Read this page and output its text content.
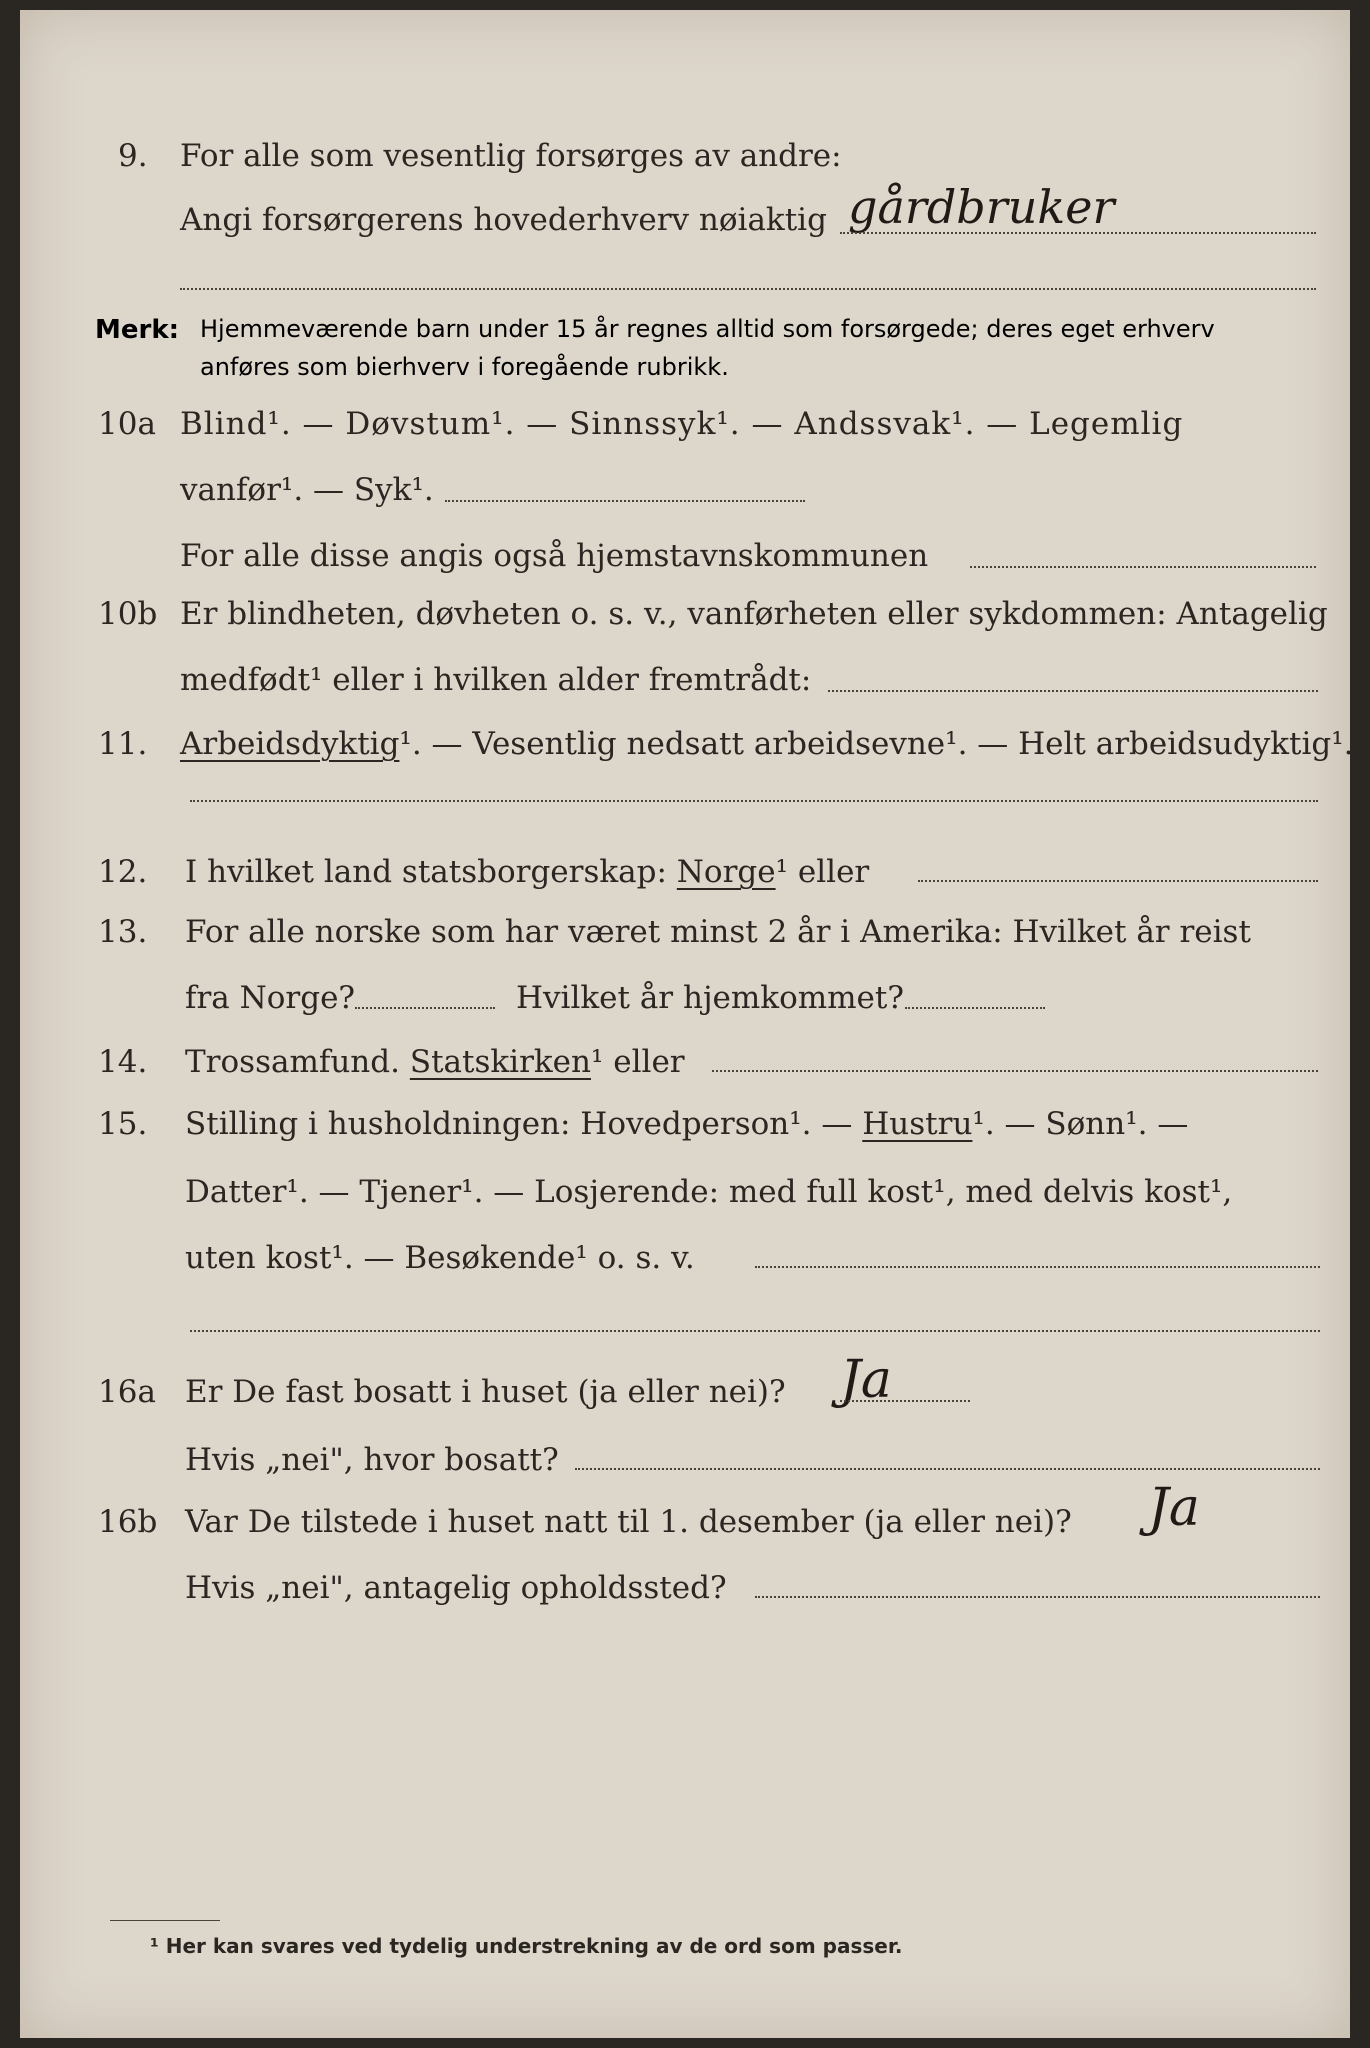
9. For alle som vesentlig forsørges av andre:
Angi forsørgerens hovederhverv nøiaktig gårdbruker
Merk: Hjemmeværende barn under 15 år regnes alltid som forsørgede; deres eget erhverv
anføres som bierhverv i foregående rubrikk.
10a Blind¹. — Døvstum¹. — Sinnssyk¹. — Andssvak¹. — Legemlig
vanfør¹. — Syk¹.
For alle disse angis også hjemstavnskommunen
10b Er blindheten, døvheten o. s. v., vanførheten eller sykdommen: Antagelig
medfødt¹ eller i hvilken alder fremtrådt:
11. Arbeidsdyktig¹. — Vesentlig nedsatt arbeidsevne¹. — Helt arbeidsudyktig¹.
12. I hvilket land statsborgerskap: Norge¹ eller
13. For alle norske som har været minst 2 år i Amerika: Hvilket år reist
fra Norge?	Hvilket år hjemkommet?
14. Trossamfund. Statskirken¹ eller
15. Stilling i husholdningen: Hovedperson¹. — Hustru¹. — Sønn¹. —
Datter¹. — Tjener¹. — Losjerende: med full kost¹, med delvis kost¹,
uten kost¹. — Besøkende¹ o. s. v.
16a Er De fast bosatt i huset (ja eller nei)? Ja
Hvis „nei", hvor bosatt?
16b Var De tilstede i huset natt til 1. desember (ja eller nei)? Ja
Hvis „nei", antagelig opholdssted?
¹ Her kan svares ved tydelig understrekning av de ord som passer.
